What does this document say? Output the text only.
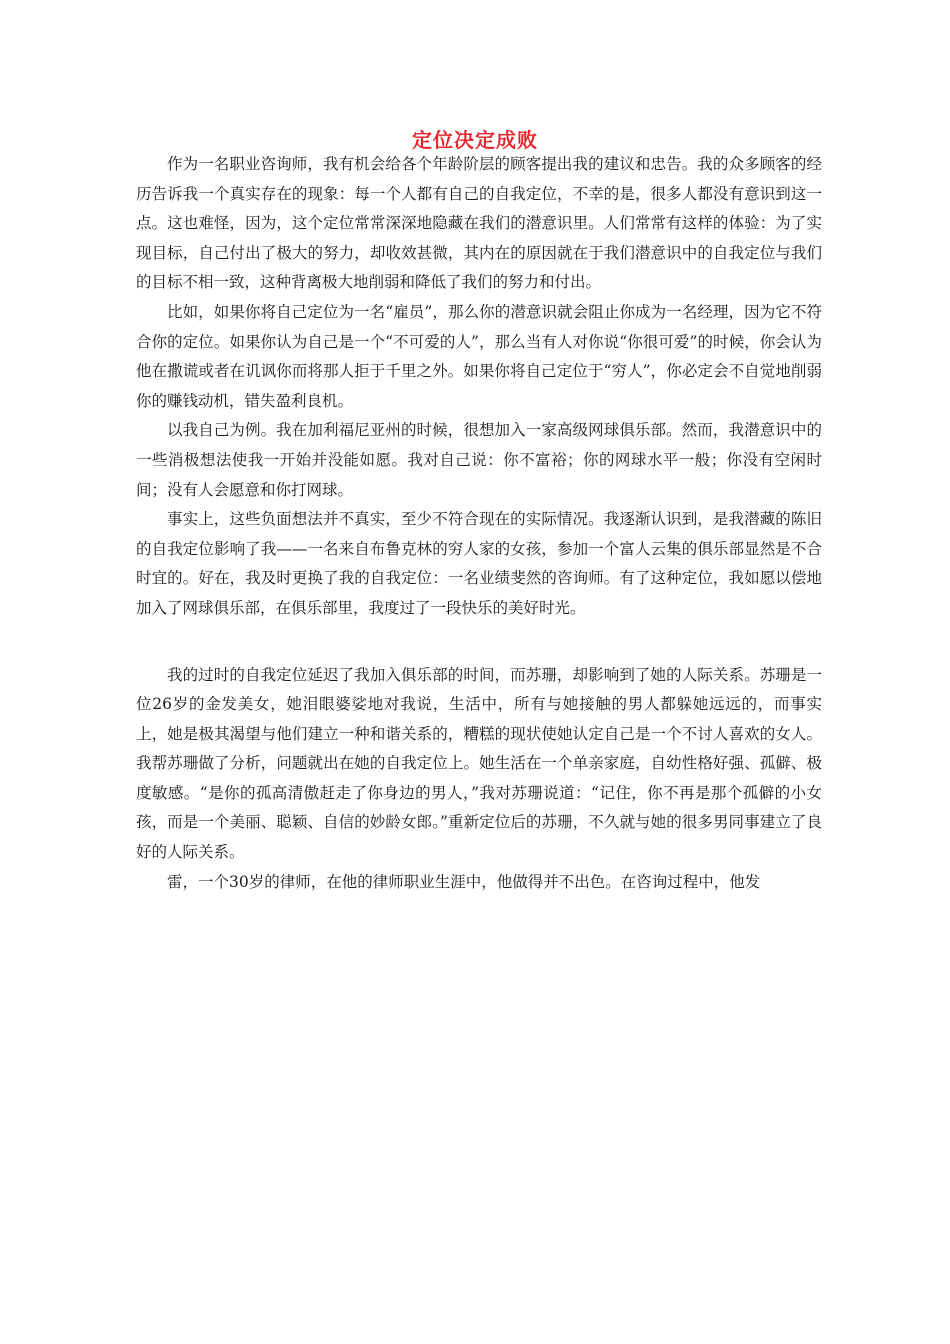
定位决定成败

作为一名职业咨询师，我有机会给各个年龄阶层的顾客提出我的建议和忠告。我的众多顾客的经历告诉我一个真实存在的现象：每一个人都有自己的自我定位，不幸的是，很多人都没有意识到这一点。这也难怪，因为，这个定位常常深深地隐藏在我们的潜意识里。人们常常有这样的体验：为了实现目标，自己付出了极大的努力，却收效甚微，其内在的原因就在于我们潜意识中的自我定位与我们的目标不相一致，这种背离极大地削弱和降低了我们的努力和付出。

比如，如果你将自己定位为一名“雇员”，那么你的潜意识就会阻止你成为一名经理，因为它不符合你的定位。如果你认为自己是一个“不可爱的人”，那么当有人对你说“你很可爱”的时候，你会认为他在撒谎或者在讥讽你而将那人拒于千里之外。如果你将自己定位于“穷人”，你必定会不自觉地削弱你的赚钱动机，错失盈利良机。

以我自己为例。我在加利福尼亚州的时候，很想加入一家高级网球俱乐部。然而，我潜意识中的一些消极想法使我一开始并没能如愿。我对自己说：你不富裕；你的网球水平一般；你没有空闲时间；没有人会愿意和你打网球。

事实上，这些负面想法并不真实，至少不符合现在的实际情况。我逐渐认识到，是我潜藏的陈旧的自我定位影响了我——一名来自布鲁克林的穷人家的女孩，参加一个富人云集的俱乐部显然是不合时宜的。好在，我及时更换了我的自我定位：一名业绩斐然的咨询师。有了这种定位，我如愿以偿地加入了网球俱乐部，在俱乐部里，我度过了一段快乐的美好时光。

我的过时的自我定位延迟了我加入俱乐部的时间，而苏珊，却影响到了她的人际关系。苏珊是一位26岁的金发美女，她泪眼婆娑地对我说，生活中，所有与她接触的男人都躲她远远的，而事实上，她是极其渴望与他们建立一种和谐关系的，糟糕的现状使她认定自己是一个不讨人喜欢的女人。我帮苏珊做了分析，问题就出在她的自我定位上。她生活在一个单亲家庭，自幼性格好强、孤僻、极度敏感。“是你的孤高清傲赶走了你身边的男人，”我对苏珊说道：“记住，你不再是那个孤僻的小女孩，而是一个美丽、聪颖、自信的妙龄女郎。”重新定位后的苏珊，不久就与她的很多男同事建立了良好的人际关系。

雷，一个30岁的律师，在他的律师职业生涯中，他做得并不出色。在咨询过程中，他发
